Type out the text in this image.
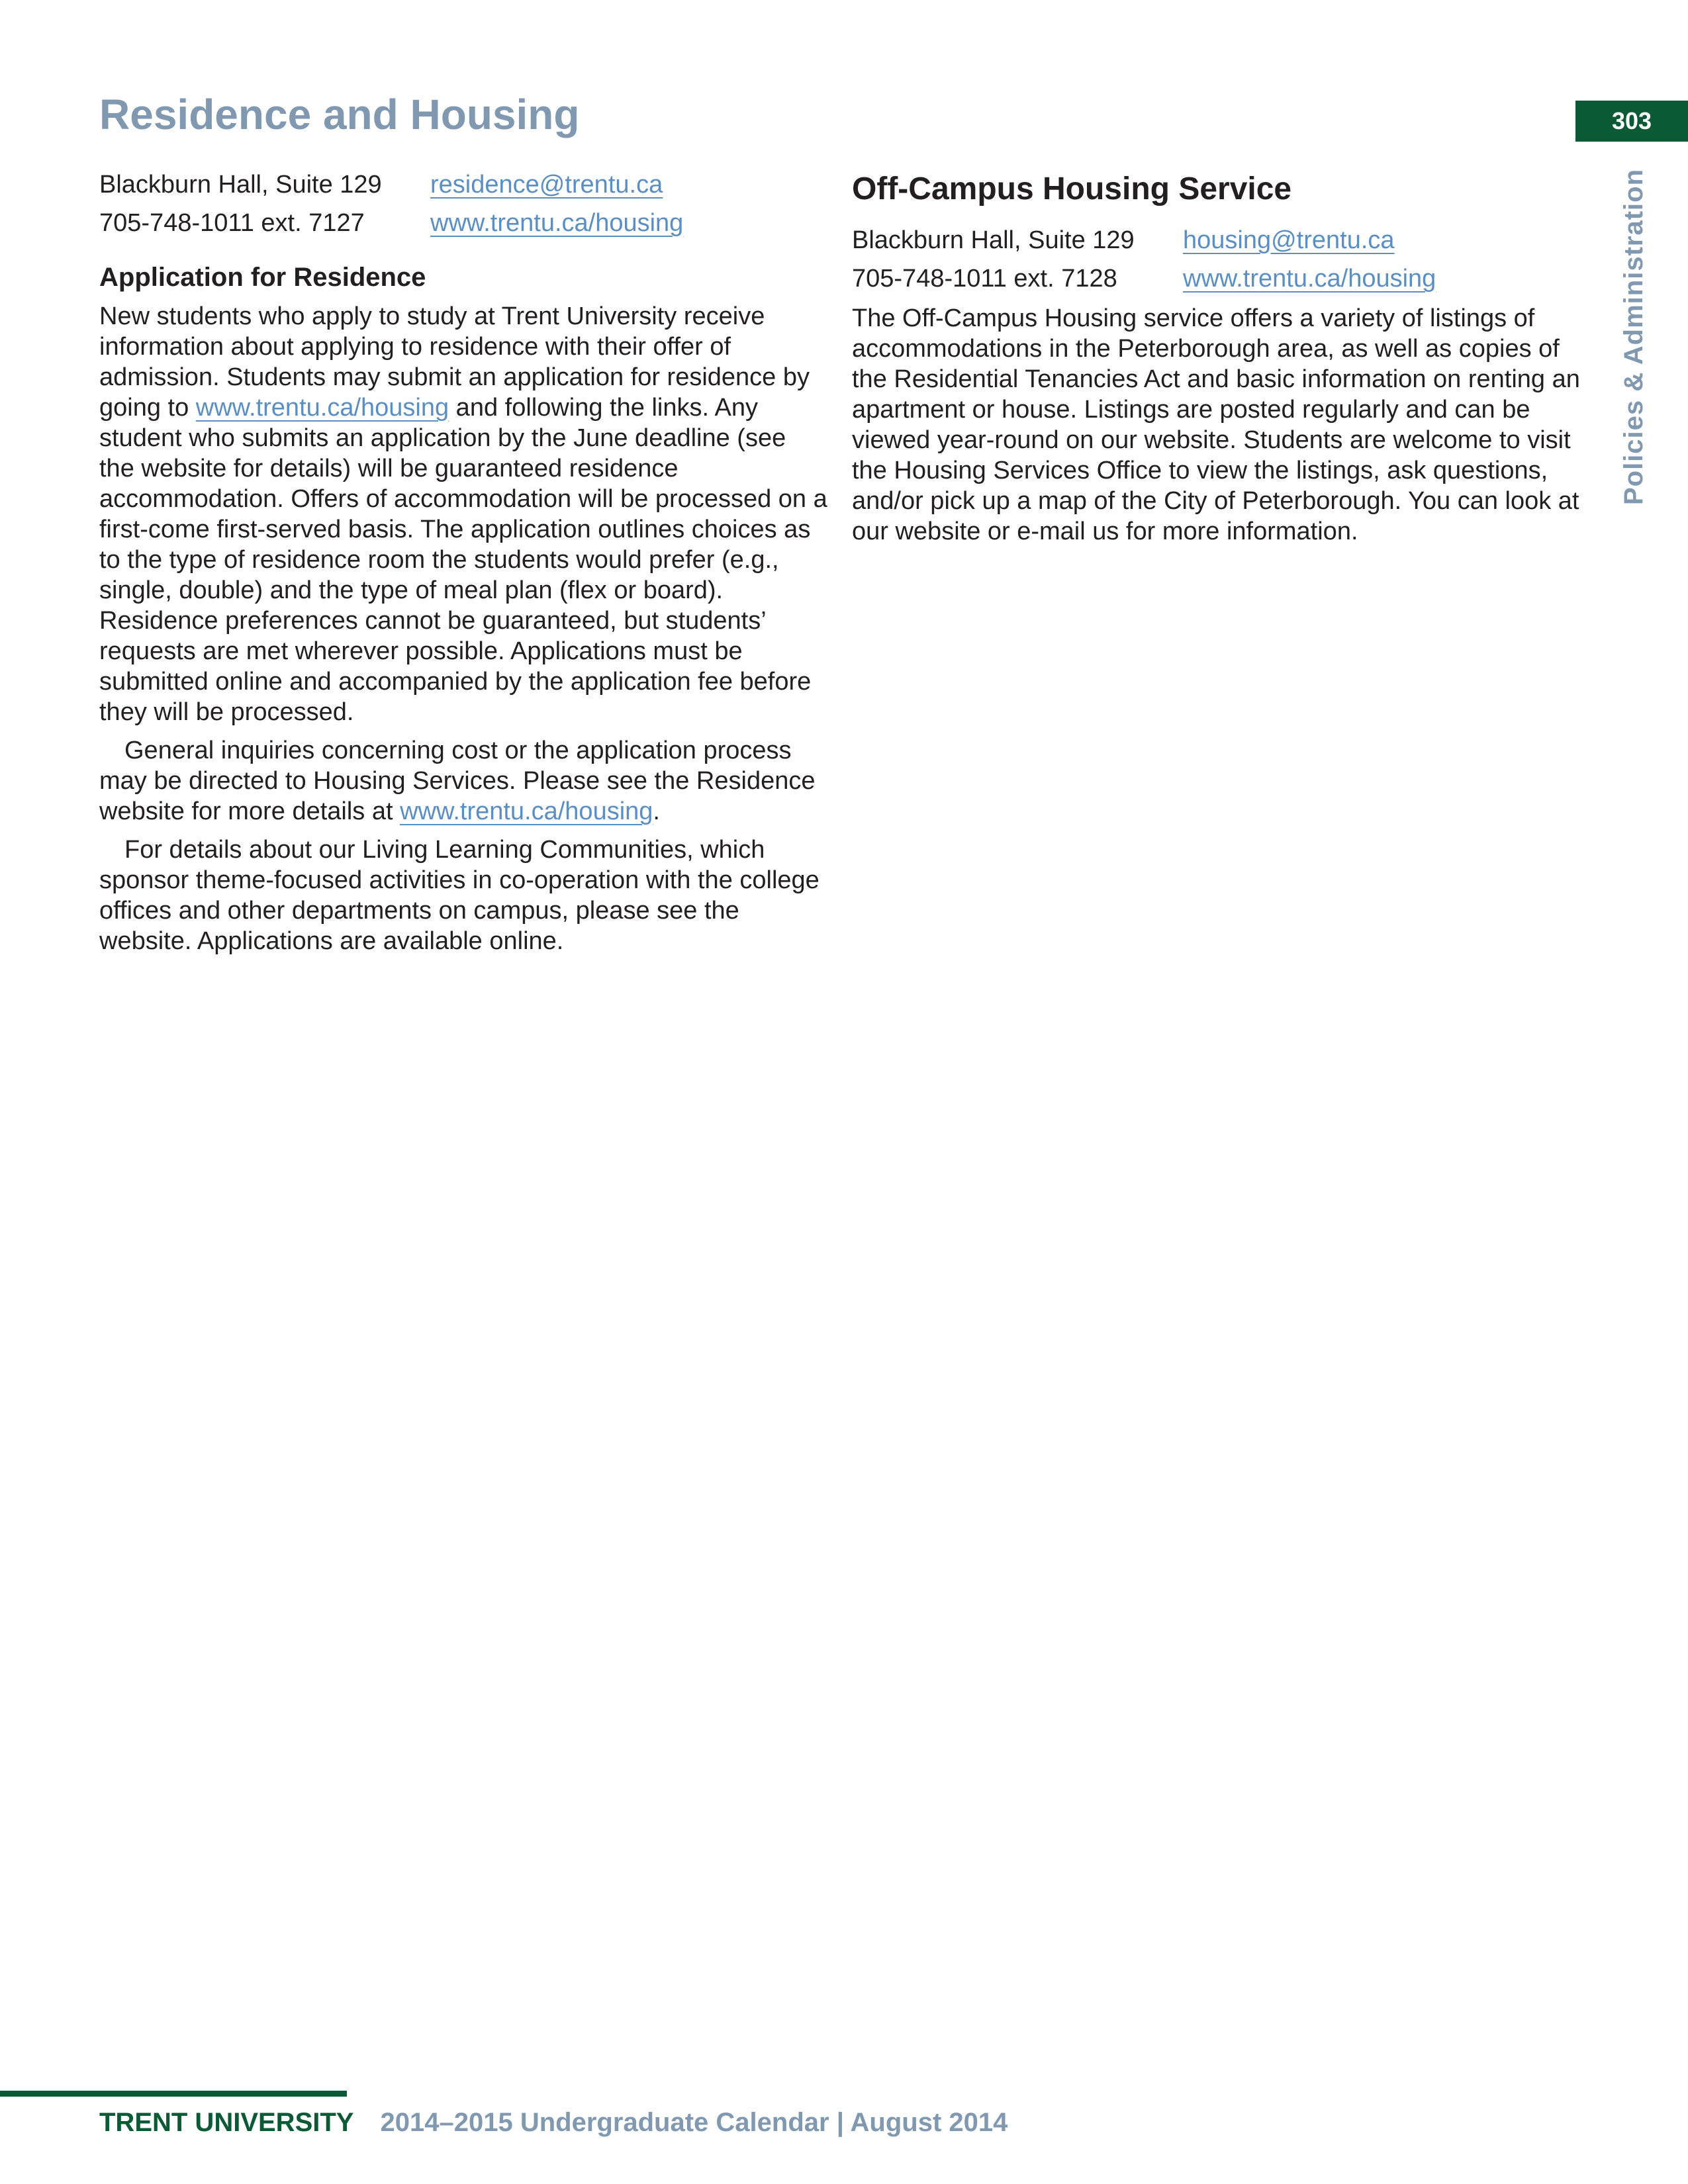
Residence and Housing	303
Policies & Administration
Blackburn Hall, Suite 129	residence@trentu.ca
705-748-1011 ext. 7127	www.trentu.ca/housing
Application for Residence

New students who apply to study at Trent University receive information about applying to residence with their offer of admission. Students may submit an application for residence by going to www.trentu.ca/housing and following the links. Any student who submits an application by the June deadline (see the website for details) will be guaranteed residence accommodation. Offers of accommodation will be processed on a first-come first-served basis. The application outlines choices as to the type of residence room the students would prefer (e.g., single, double) and the type of meal plan (flex or board). Residence preferences cannot be guaranteed, but students’ requests are met wherever possible. Applications must be submitted online and accompanied by the application fee before they will be processed.

General inquiries concerning cost or the application process may be directed to Housing Services. Please see the Residence website for more details at www.trentu.ca/housing.

For details about our Living Learning Communities, which sponsor theme-focused activities in co-operation with the college offices and other departments on campus, please see the website. Applications are available online.

Off-Campus Housing Service
Blackburn Hall, Suite 129	housing@trentu.ca
705-748-1011 ext. 7128	www.trentu.ca/housing

The Off-Campus Housing service offers a variety of listings of accommodations in the Peterborough area, as well as copies of the Residential Tenancies Act and basic information on renting an apartment or house. Listings are posted regularly and can be viewed year-round on our website. Students are welcome to visit the Housing Services Office to view the listings, ask questions, and/or pick up a map of the City of Peterborough. You can look at our website or e-mail us for more information.

TRENT UNIVERSITY 2014–2015 Undergraduate Calendar | August 2014
